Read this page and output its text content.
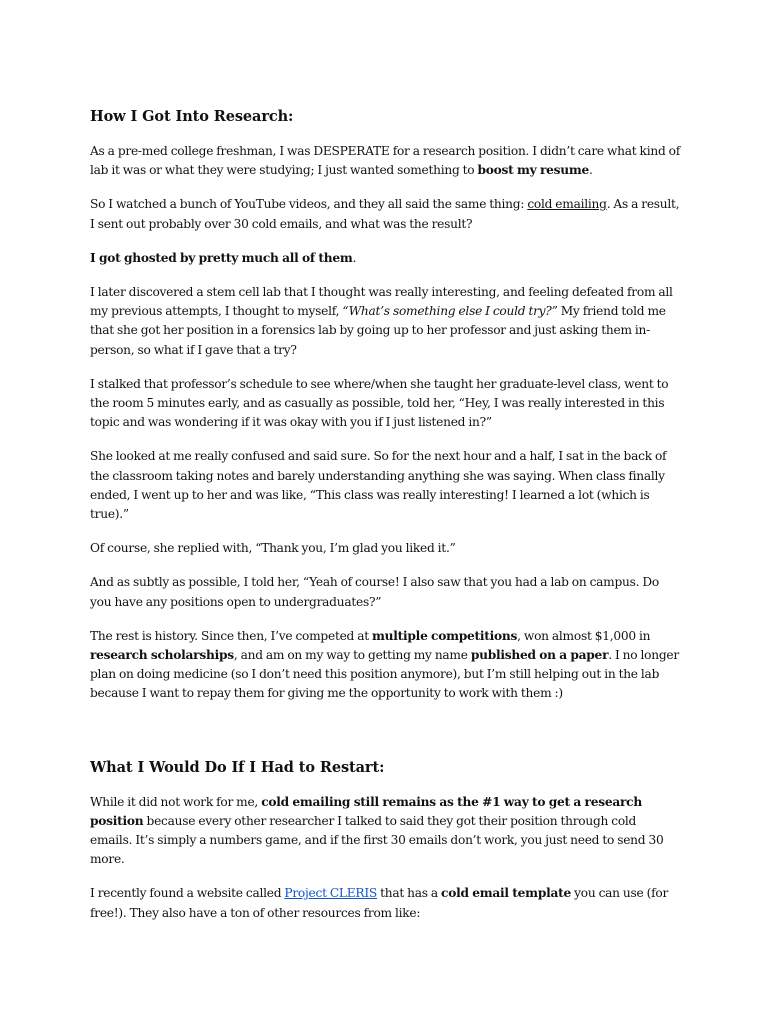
How I Got Into Research:

As a pre-med college freshman, I was DESPERATE for a research position. I didn’t care what kind of lab it was or what they were studying; I just wanted something to boost my resume.

So I watched a bunch of YouTube videos, and they all said the same thing: cold emailing. As a result, I sent out probably over 30 cold emails, and what was the result?

I got ghosted by pretty much all of them.

I later discovered a stem cell lab that I thought was really interesting, and feeling defeated from all my previous attempts, I thought to myself, “What’s something else I could try?” My friend told me that she got her position in a forensics lab by going up to her professor and just asking them in-person, so what if I gave that a try?

I stalked that professor’s schedule to see where/when she taught her graduate-level class, went to the room 5 minutes early, and as casually as possible, told her, “Hey, I was really interested in this topic and was wondering if it was okay with you if I just listened in?”

She looked at me really confused and said sure. So for the next hour and a half, I sat in the back of the classroom taking notes and barely understanding anything she was saying. When class finally ended, I went up to her and was like, “This class was really interesting! I learned a lot (which is true).”

Of course, she replied with, “Thank you, I’m glad you liked it.”

And as subtly as possible, I told her, “Yeah of course! I also saw that you had a lab on campus. Do you have any positions open to undergraduates?”

The rest is history. Since then, I’ve competed at multiple competitions, won almost $1,000 in research scholarships, and am on my way to getting my name published on a paper. I no longer plan on doing medicine (so I don’t need this position anymore), but I’m still helping out in the lab because I want to repay them for giving me the opportunity to work with them :)

What I Would Do If I Had to Restart:

While it did not work for me, cold emailing still remains as the #1 way to get a research position because every other researcher I talked to said they got their position through cold emails. It’s simply a numbers game, and if the first 30 emails don’t work, you just need to send 30 more.

I recently found a website called Project CLERIS that has a cold email template you can use (for free!). They also have a ton of other resources from like:
